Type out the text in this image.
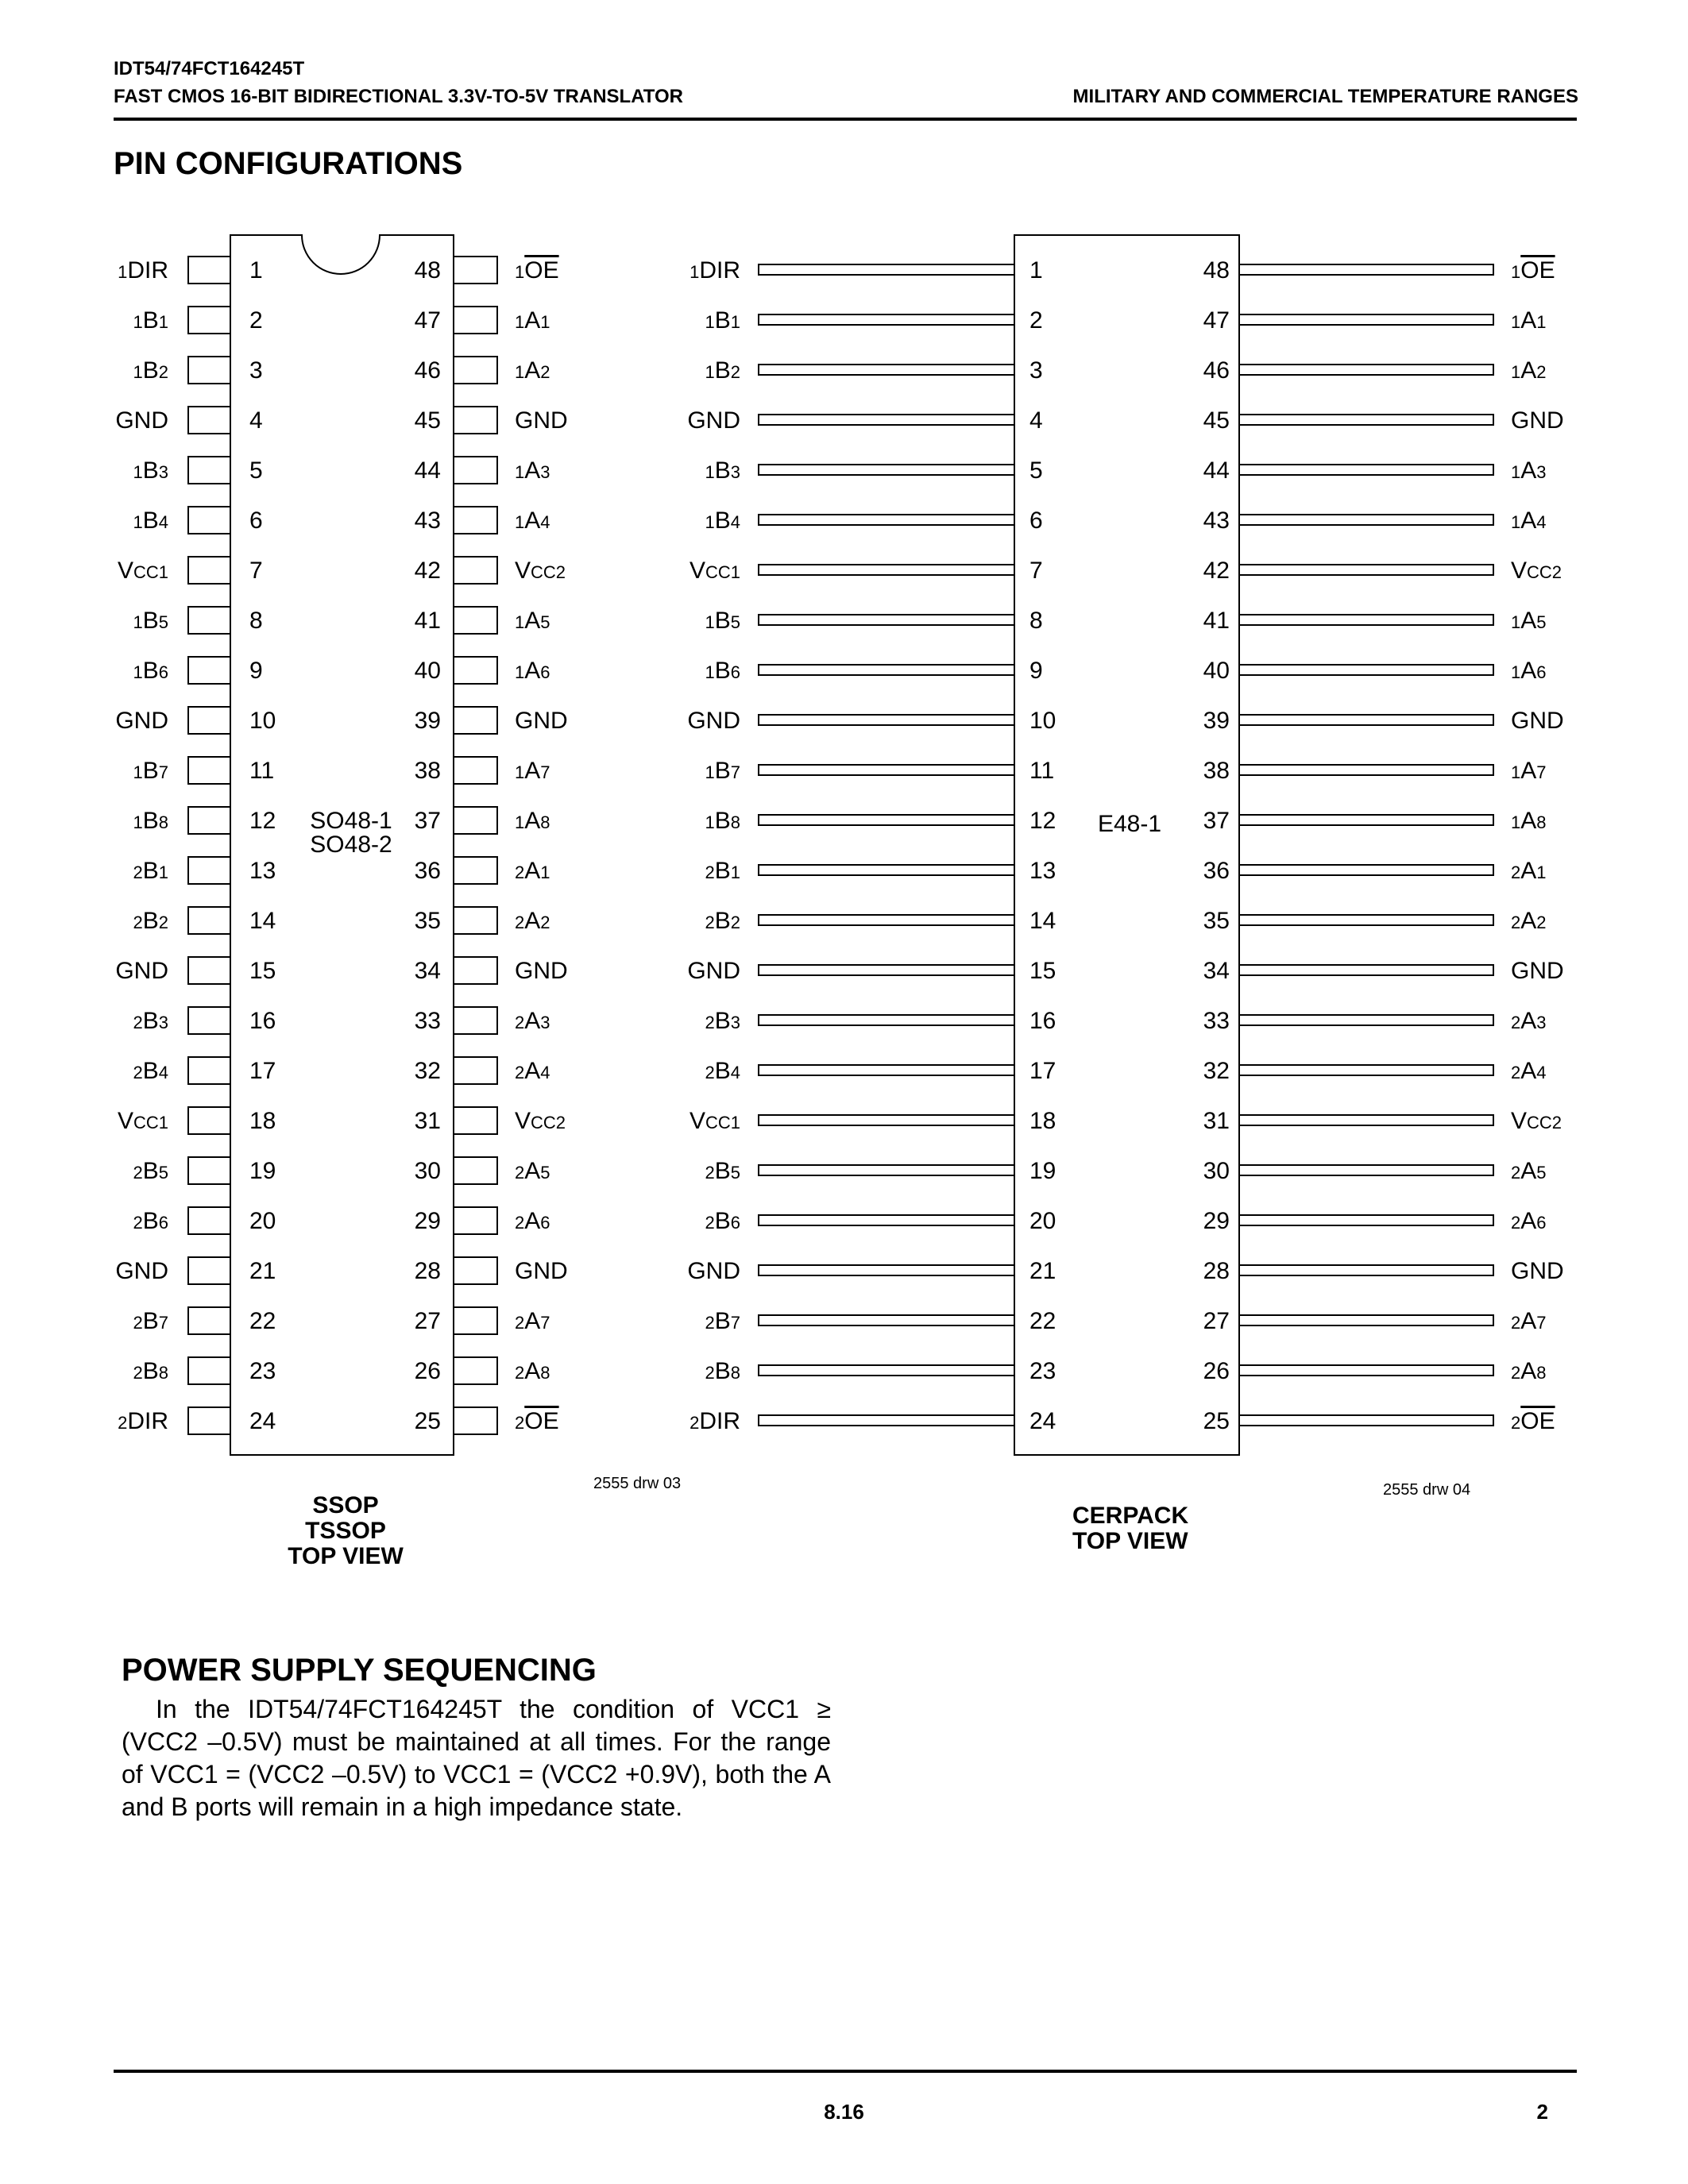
IDT54/74FCT164245T
FAST CMOS 16-BIT BIDIRECTIONAL 3.3V-TO-5V TRANSLATOR	MILITARY AND COMMERCIAL TEMPERATURE RANGES
PIN CONFIGURATIONS
1DIR	1	48	1OE
1B1	2	47	1A1
1B2	3	46	1A2
GND	4	45	GND
1B3	5	44	1A3
1B4	6	43	1A4
VCC1	7	42	VCC2
1B5	8	41	1A5
1B6	9	40	1A6
GND	10	39	GND
1B7	11	38	1A7
1B8	12	37	1A8
2B1	13	36	2A1
2B2	14	35	2A2
GND	15	34	GND
2B3	16	33	2A3
2B4	17	32	2A4
VCC1	18	31	VCC2
2B5	19	30	2A5
2B6	20	29	2A6
GND	21	28	GND
2B7	22	27	2A7
2B8	23	26	2A8
2DIR	24	25	2OE
SO48-1
SO48-2
1DIR	1	48	1OE
1B1	2	47	1A1
1B2	3	46	1A2
GND	4	45	GND
1B3	5	44	1A3
1B4	6	43	1A4
VCC1	7	42	VCC2
1B5	8	41	1A5
1B6	9	40	1A6
GND	10	39	GND
1B7	11	38	1A7
1B8	12	37	1A8
2B1	13	36	2A1
2B2	14	35	2A2
GND	15	34	GND
2B3	16	33	2A3
2B4	17	32	2A4
VCC1	18	31	VCC2
2B5	19	30	2A5
2B6	20	29	2A6
GND	21	28	GND
2B7	22	27	2A7
2B8	23	26	2A8
2DIR	24	25	2OE
E48-1
2555 drw 03	2555 drw 04
SSOP
TSSOP
TOP VIEW
CERPACK
TOP VIEW
POWER SUPPLY SEQUENCING

In the IDT54/74FCT164245T the condition of VCC1 ≥ (VCC2 –0.5V) must be maintained at all times. For the range of VCC1 = (VCC2 –0.5V) to VCC1 = (VCC2 +0.9V), both the A and B ports will remain in a high impedance state.

8.16	2
